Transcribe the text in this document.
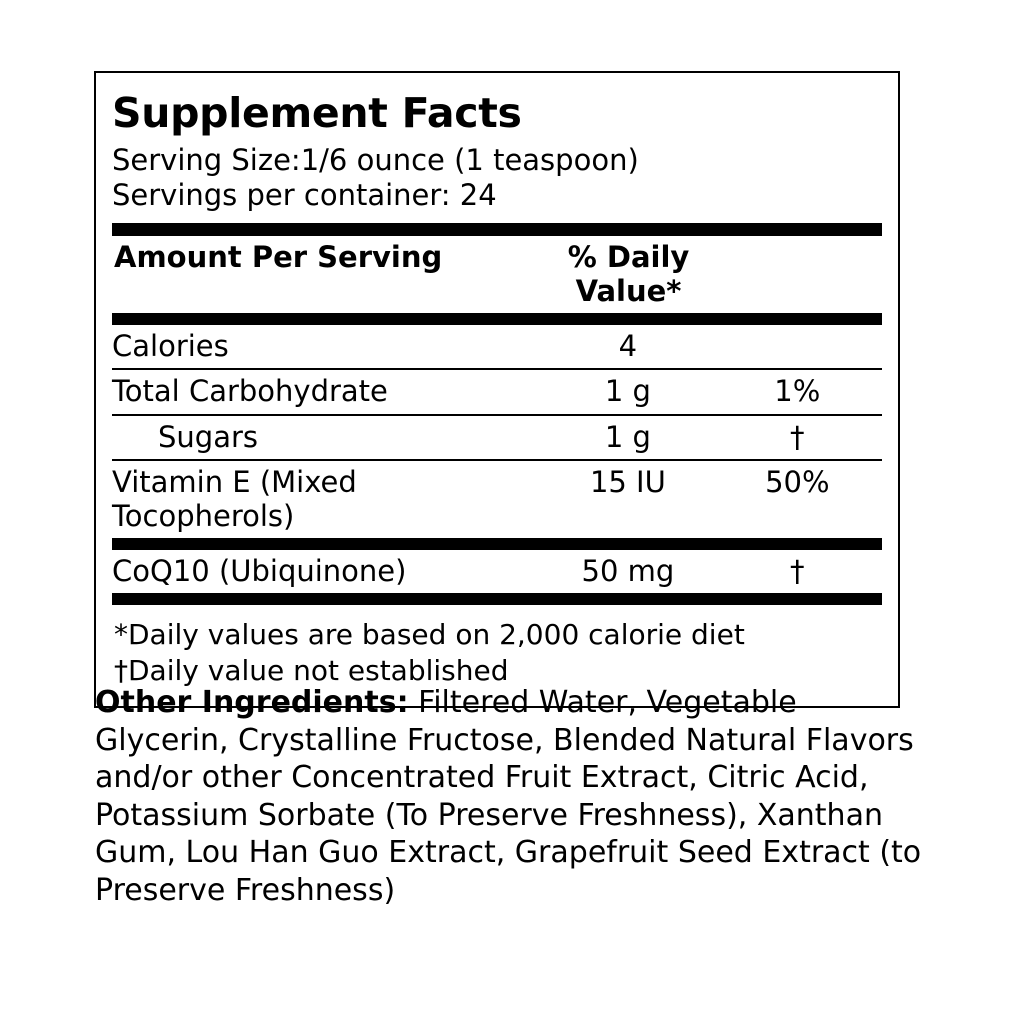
Supplement Facts
Serving Size:1/6 ounce (1 teaspoon)
Servings per container: 24
Amount Per Serving	% Daily Value*	
Calories	4	
Total Carbohydrate	1 g	1%
Sugars	1 g	†
Vitamin E (Mixed Tocopherols)	15 IU	50%
CoQ10 (Ubiquinone)	50 mg	†
*Daily values are based on 2,000 calorie diet
†Daily value not established
Other Ingredients: Filtered Water, Vegetable Glycerin, Crystalline Fructose, Blended Natural Flavors and/or other Concentrated Fruit Extract, Citric Acid, Potassium Sorbate (To Preserve Freshness), Xanthan Gum, Lou Han Guo Extract, Grapefruit Seed Extract (to Preserve Freshness)
